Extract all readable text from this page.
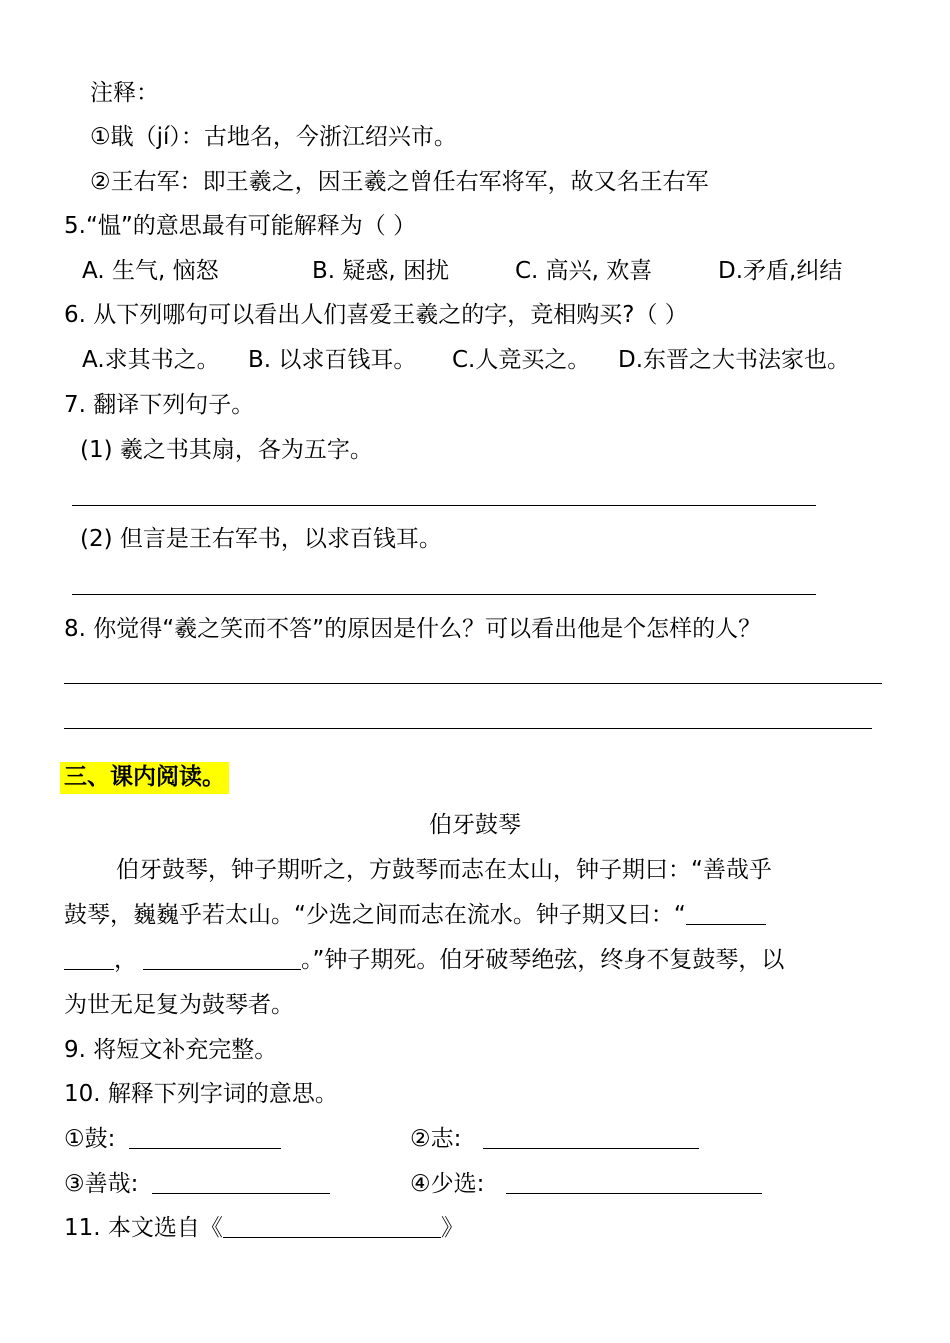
注释：
①戢（jí）：古地名，今浙江绍兴市。
②王右军：即王羲之，因王羲之曾任右军将军，故又名王右军
5.“愠”的意思最有可能解释为（ ）
A. 生气, 恼怒	B. 疑惑, 困扰	C. 高兴, 欢喜	D.矛盾,纠结
6. 从下列哪句可以看出人们喜爱王羲之的字，竞相购买?（ ）
A.求其书之。 B. 以求百钱耳。 C.人竞买之。 D.东晋之大书法家也。
7. 翻译下列句子。
(1) 羲之书其扇，各为五字。
(2) 但言是王右军书，以求百钱耳。
8. 你觉得“羲之笑而不答”的原因是什么？可以看出他是个怎样的人？
三、课内阅读。
伯牙鼓琴
伯牙鼓琴，钟子期听之，方鼓琴而志在太山，钟子期曰：“善哉乎
鼓琴，巍巍乎若太山。“少选之间而志在流水。钟子期又曰：“
，	。”钟子期死。伯牙破琴绝弦，终身不复鼓琴，以
为世无足复为鼓琴者。
9. 将短文补充完整。
10. 解释下列字词的意思。
①鼓:	②志:
③善哉:	④少选:
11. 本文选自《	》
